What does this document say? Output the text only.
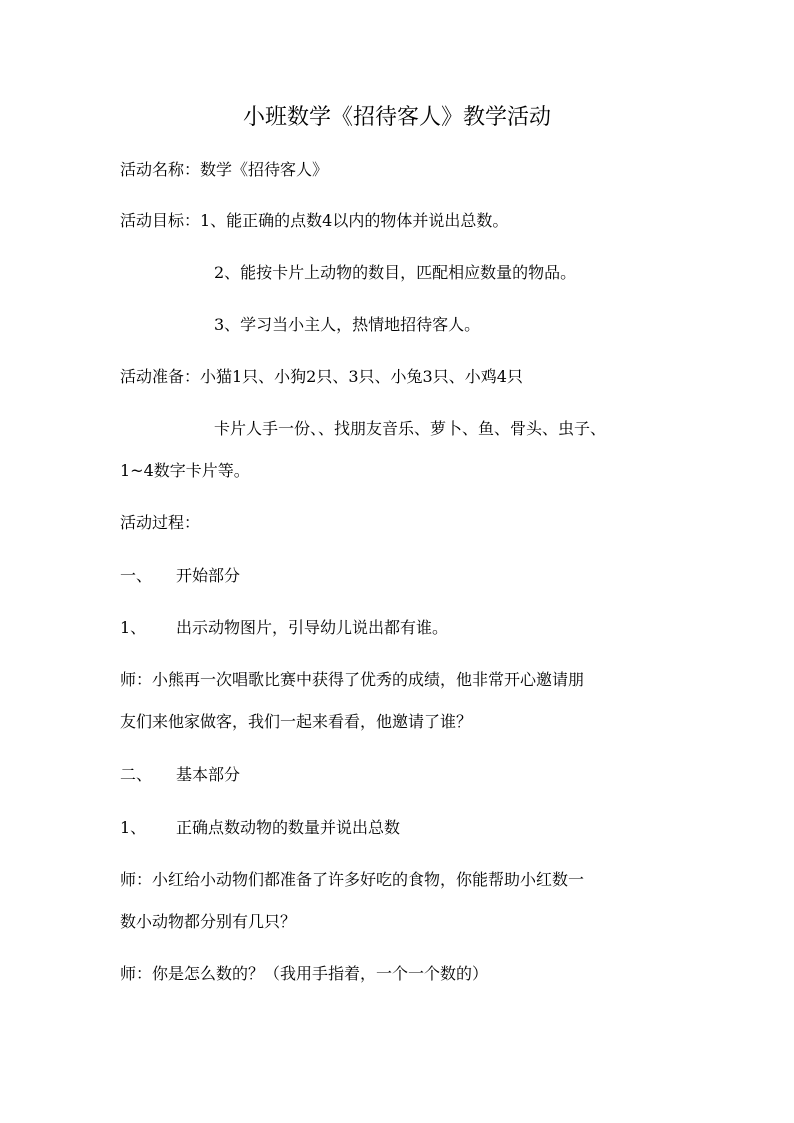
小班数学《招待客人》教学活动
活动名称：数学《招待客人》
活动目标：1、能正确的点数4以内的物体并说出总数。
2、能按卡片上动物的数目，匹配相应数量的物品。
3、学习当小主人，热情地招待客人。
活动准备：小猫1只、小狗2只、3只、小兔3只、小鸡4只
卡片人手一份、、找朋友音乐、萝卜、鱼、骨头、虫子、
1~4数字卡片等。
活动过程：
一、 开始部分
1、 出示动物图片，引导幼儿说出都有谁。
师：小熊再一次唱歌比赛中获得了优秀的成绩，他非常开心邀请朋
友们来他家做客，我们一起来看看，他邀请了谁？
二、 基本部分
1、 正确点数动物的数量并说出总数
师：小红给小动物们都准备了许多好吃的食物，你能帮助小红数一
数小动物都分别有几只？
师：你是怎么数的？（我用手指着，一个一个数的）
